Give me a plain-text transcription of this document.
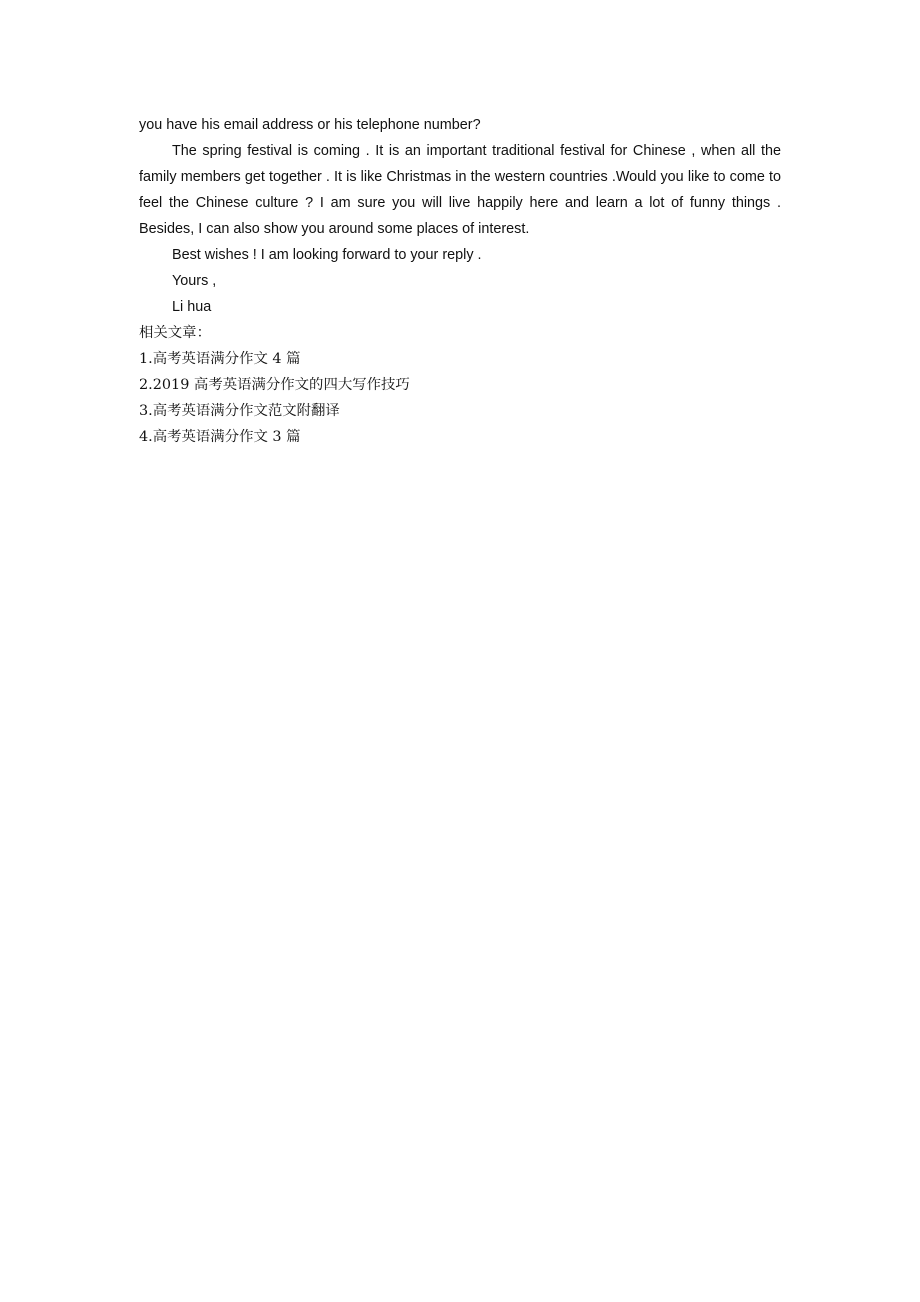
you have his email address or his telephone number?

The spring festival is coming . It is an important traditional festival for Chinese , when all the family members get together . It is like Christmas in the western countries .Would you like to come to feel the Chinese culture ? I am sure you will live happily here and learn a lot of funny things . Besides, I can also show you around some places of interest.

Best wishes ! I am looking forward to your reply .

Yours ,

Li hua

相关文章：

1.高考英语满分作文 4 篇

2.2019 高考英语满分作文的四大写作技巧

3.高考英语满分作文范文附翻译

4.高考英语满分作文 3 篇
